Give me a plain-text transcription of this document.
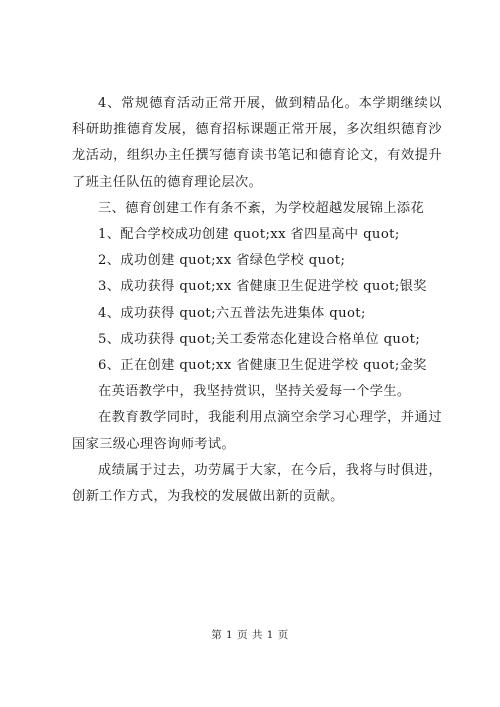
4、常规德育活动正常开展，做到精品化。本学期继续以科研助推德育发展，德育招标课题正常开展，多次组织德育沙龙活动，组织办主任撰写德育读书笔记和德育论文，有效提升了班主任队伍的德育理论层次。

三、德育创建工作有条不紊，为学校超越发展锦上添花

1、配合学校成功创建 quot;xx 省四星高中 quot;

2、成功创建 quot;xx 省绿色学校 quot;

3、成功获得 quot;xx 省健康卫生促进学校 quot;银奖

4、成功获得 quot;六五普法先进集体 quot;

5、成功获得 quot;关工委常态化建设合格单位 quot;

6、正在创建 quot;xx 省健康卫生促进学校 quot;金奖

在英语教学中，我坚持赏识，坚持关爱每一个学生。

在教育教学同时，我能利用点滴空余学习心理学，并通过国家三级心理咨询师考试。

成绩属于过去，功劳属于大家，在今后，我将与时俱进，创新工作方式，为我校的发展做出新的贡献。

第 1 页 共 1 页
